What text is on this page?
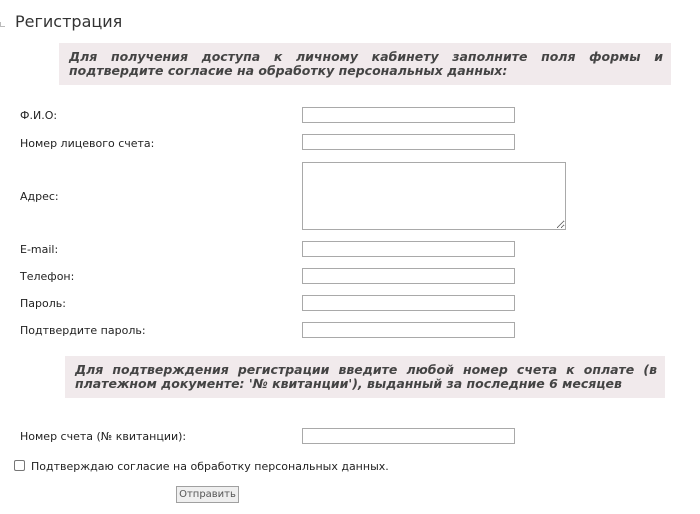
Регистрация
Для получения доступа к личному кабинету заполните поля формы и подтвердите согласие на обработку персональных данных:
Ф.И.О:
Номер лицевого счета:
Адрес:
E-mail:
Телефон:
Пароль:
Подтвердите пароль:
Для подтверждения регистрации введите любой номер счета к оплате (в платежном документе: '№ квитанции'), выданный за последние 6 месяцев
Номер счета (№ квитанции):
Подтверждаю согласие на обработку персональных данных.
Отправить
